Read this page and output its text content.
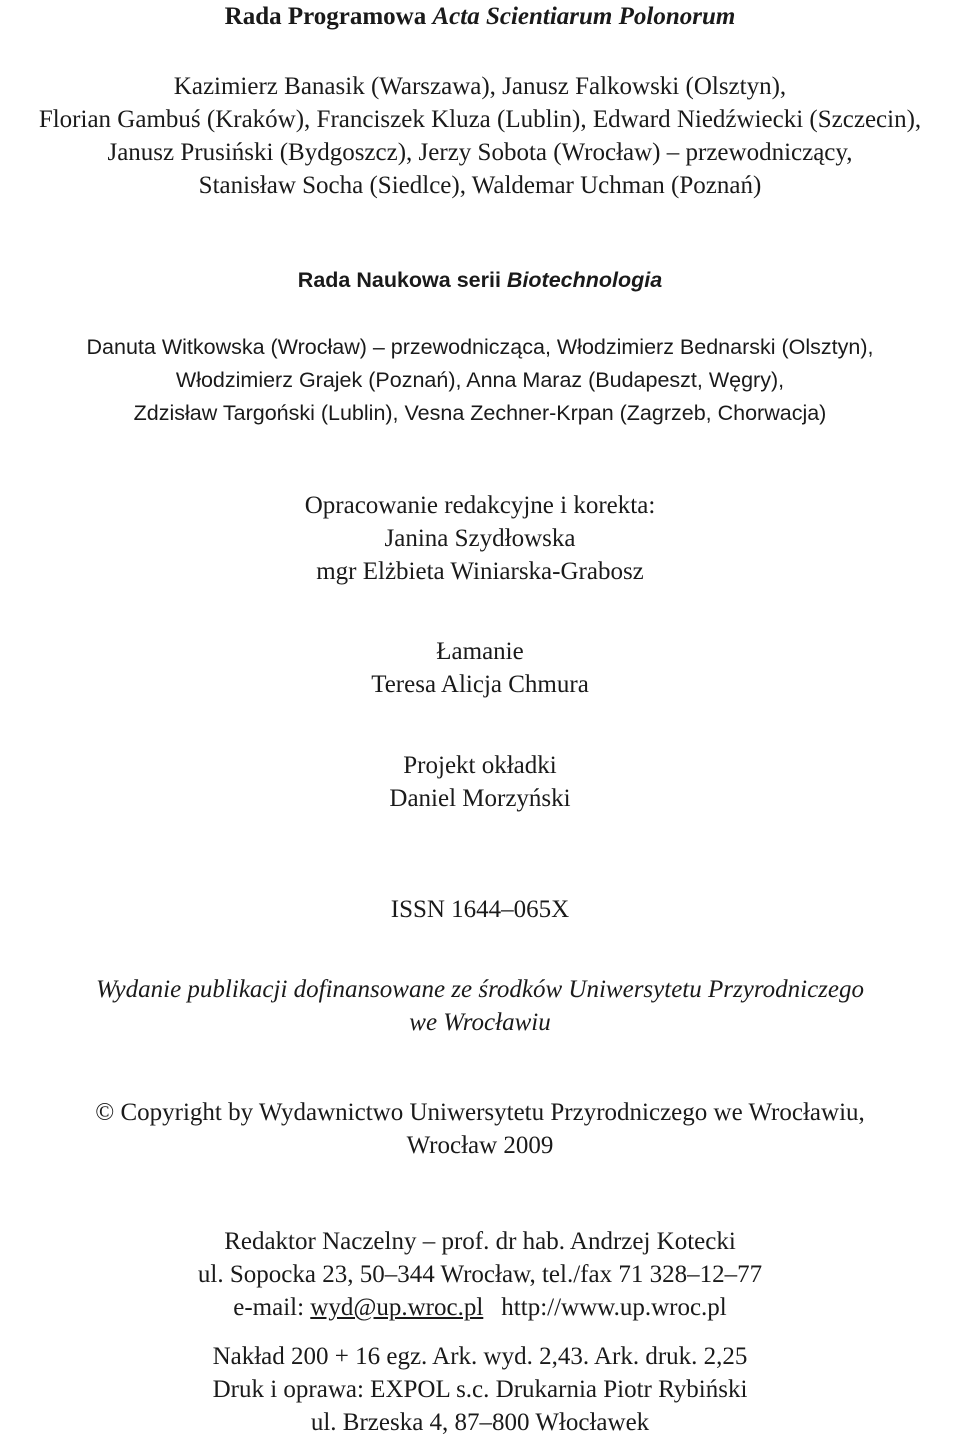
Rada Programowa Acta Scientiarum Polonorum
Kazimierz Banasik (Warszawa), Janusz Falkowski (Olsztyn),
Florian Gambuś (Kraków), Franciszek Kluza (Lublin), Edward Niedźwiecki (Szczecin),
Janusz Prusiński (Bydgoszcz), Jerzy Sobota (Wrocław) – przewodniczący,
Stanisław Socha (Siedlce), Waldemar Uchman (Poznań)
Rada Naukowa serii Biotechnologia
Danuta Witkowska (Wrocław) – przewodnicząca, Włodzimierz Bednarski (Olsztyn),
Włodzimierz Grajek (Poznań), Anna Maraz (Budapeszt, Węgry),
Zdzisław Targoński (Lublin), Vesna Zechner-Krpan (Zagrzeb, Chorwacja)
Opracowanie redakcyjne i korekta:
Janina Szydłowska
mgr Elżbieta Winiarska-Grabosz
Łamanie
Teresa Alicja Chmura
Projekt okładki
Daniel Morzyński
ISSN 1644–065X
Wydanie publikacji dofinansowane ze środków Uniwersytetu Przyrodniczego
we Wrocławiu
© Copyright by Wydawnictwo Uniwersytetu Przyrodniczego we Wrocławiu,
Wrocław 2009
Redaktor Naczelny – prof. dr hab. Andrzej Kotecki
ul. Sopocka 23, 50–344 Wrocław, tel./fax 71 328–12–77
e-mail: wyd@up.wroc.pl http://www.up.wroc.pl
Nakład 200 + 16 egz. Ark. wyd. 2,43. Ark. druk. 2,25
Druk i oprawa: EXPOL s.c. Drukarnia Piotr Rybiński
ul. Brzeska 4, 87–800 Włocławek
